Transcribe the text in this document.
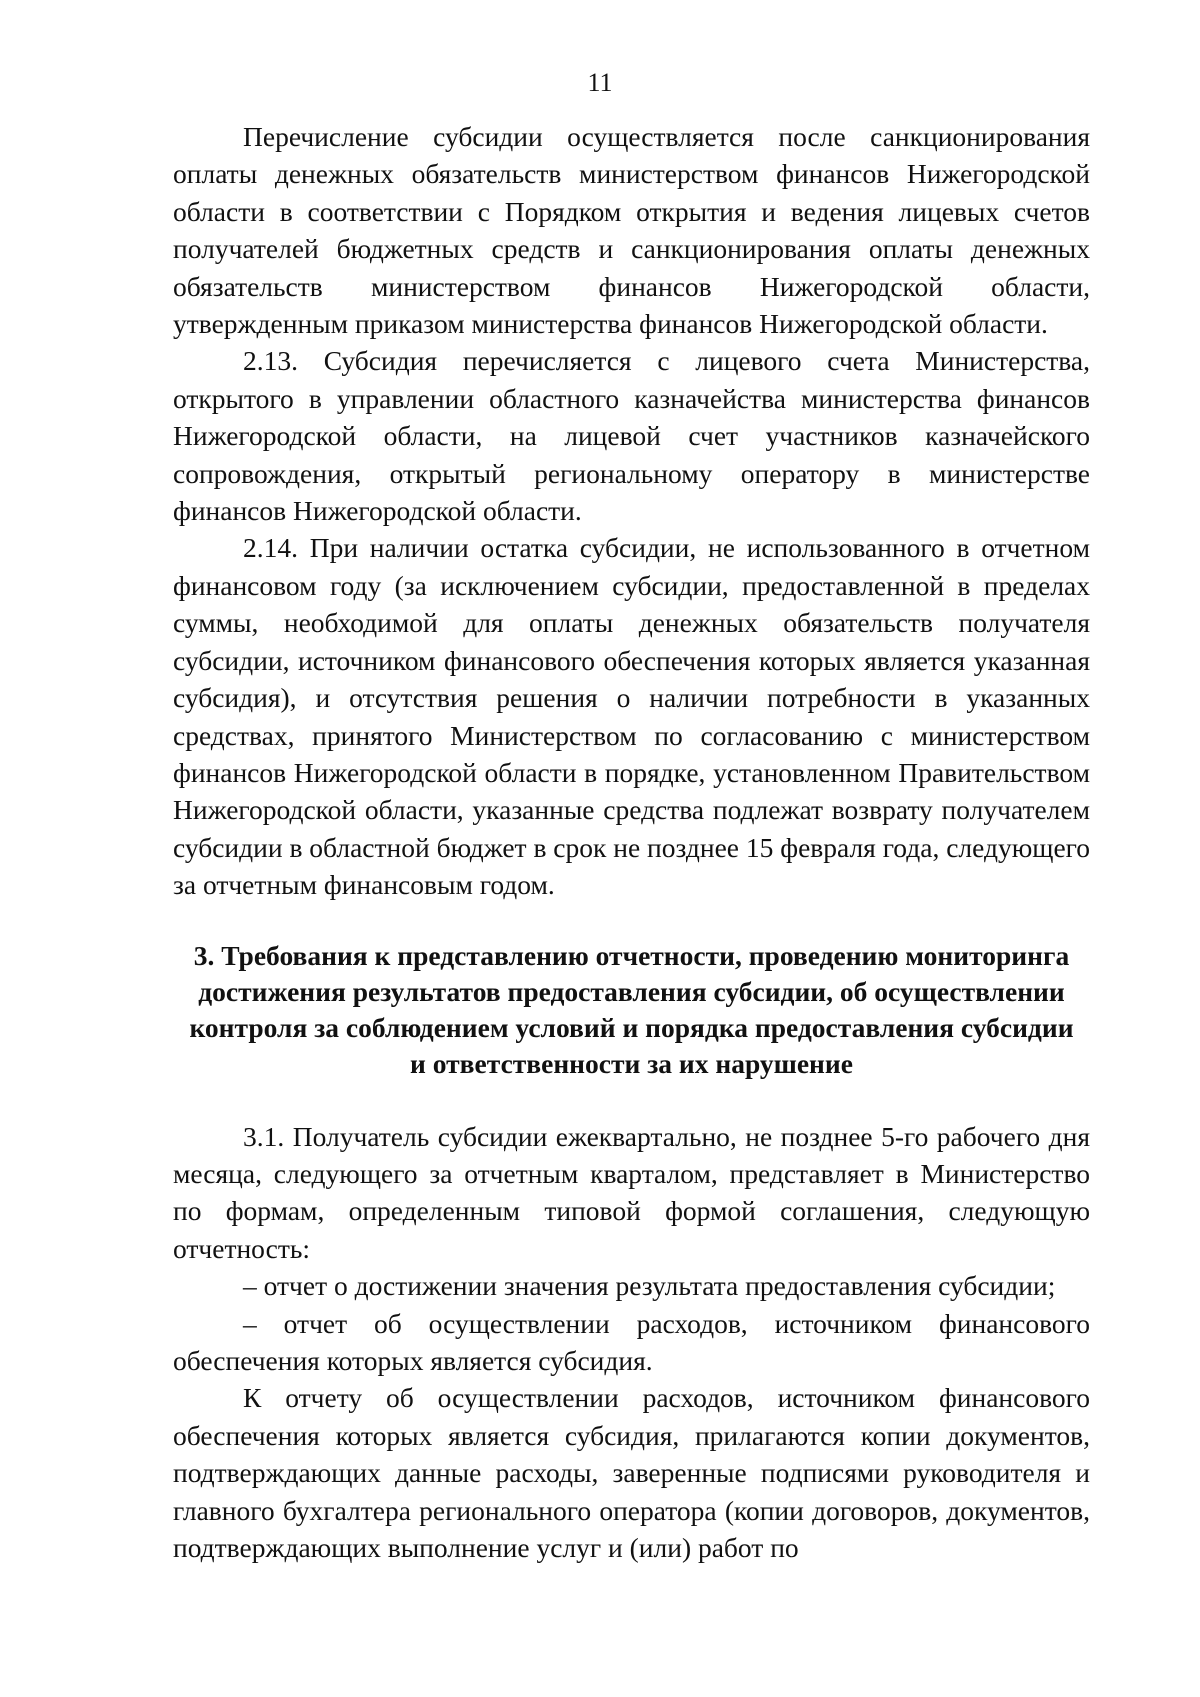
11

Перечисление субсидии осуществляется после санкционирования оплаты денежных обязательств министерством финансов Нижегородской области в соответствии с Порядком открытия и ведения лицевых счетов получателей бюджетных средств и санкционирования оплаты денежных обязательств министерством финансов Нижегородской области, утвержденным приказом министерства финансов Нижегородской области.

2.13. Субсидия перечисляется с лицевого счета Министерства, открытого в управлении областного казначейства министерства финансов Нижегородской области, на лицевой счет участников казначейского сопровождения, открытый региональному оператору в министерстве финансов Нижегородской области.

2.14. При наличии остатка субсидии, не использованного в отчетном финансовом году (за исключением субсидии, предоставленной в пределах суммы, необходимой для оплаты денежных обязательств получателя субсидии, источником финансового обеспечения которых является указанная субсидия), и отсутствия решения о наличии потребности в указанных средствах, принятого Министерством по согласованию с министерством финансов Нижегородской области в порядке, установленном Правительством Нижегородской области, указанные средства подлежат возврату получателем субсидии в областной бюджет в срок не позднее 15 февраля года, следующего за отчетным финансовым годом.

3. Требования к представлению отчетности, проведению мониторинга достижения результатов предоставления субсидии, об осуществлении контроля за соблюдением условий и порядка предоставления субсидии и ответственности за их нарушение

3.1. Получатель субсидии ежеквартально, не позднее 5-го рабочего дня месяца, следующего за отчетным кварталом, представляет в Министерство по формам, определенным типовой формой соглашения, следующую отчетность:

– отчет о достижении значения результата предоставления субсидии;

– отчет об осуществлении расходов, источником финансового обеспечения которых является субсидия.

К отчету об осуществлении расходов, источником финансового обеспечения которых является субсидия, прилагаются копии документов, подтверждающих данные расходы, заверенные подписями руководителя и главного бухгалтера регионального оператора (копии договоров, документов, подтверждающих выполнение услуг и (или) работ по
